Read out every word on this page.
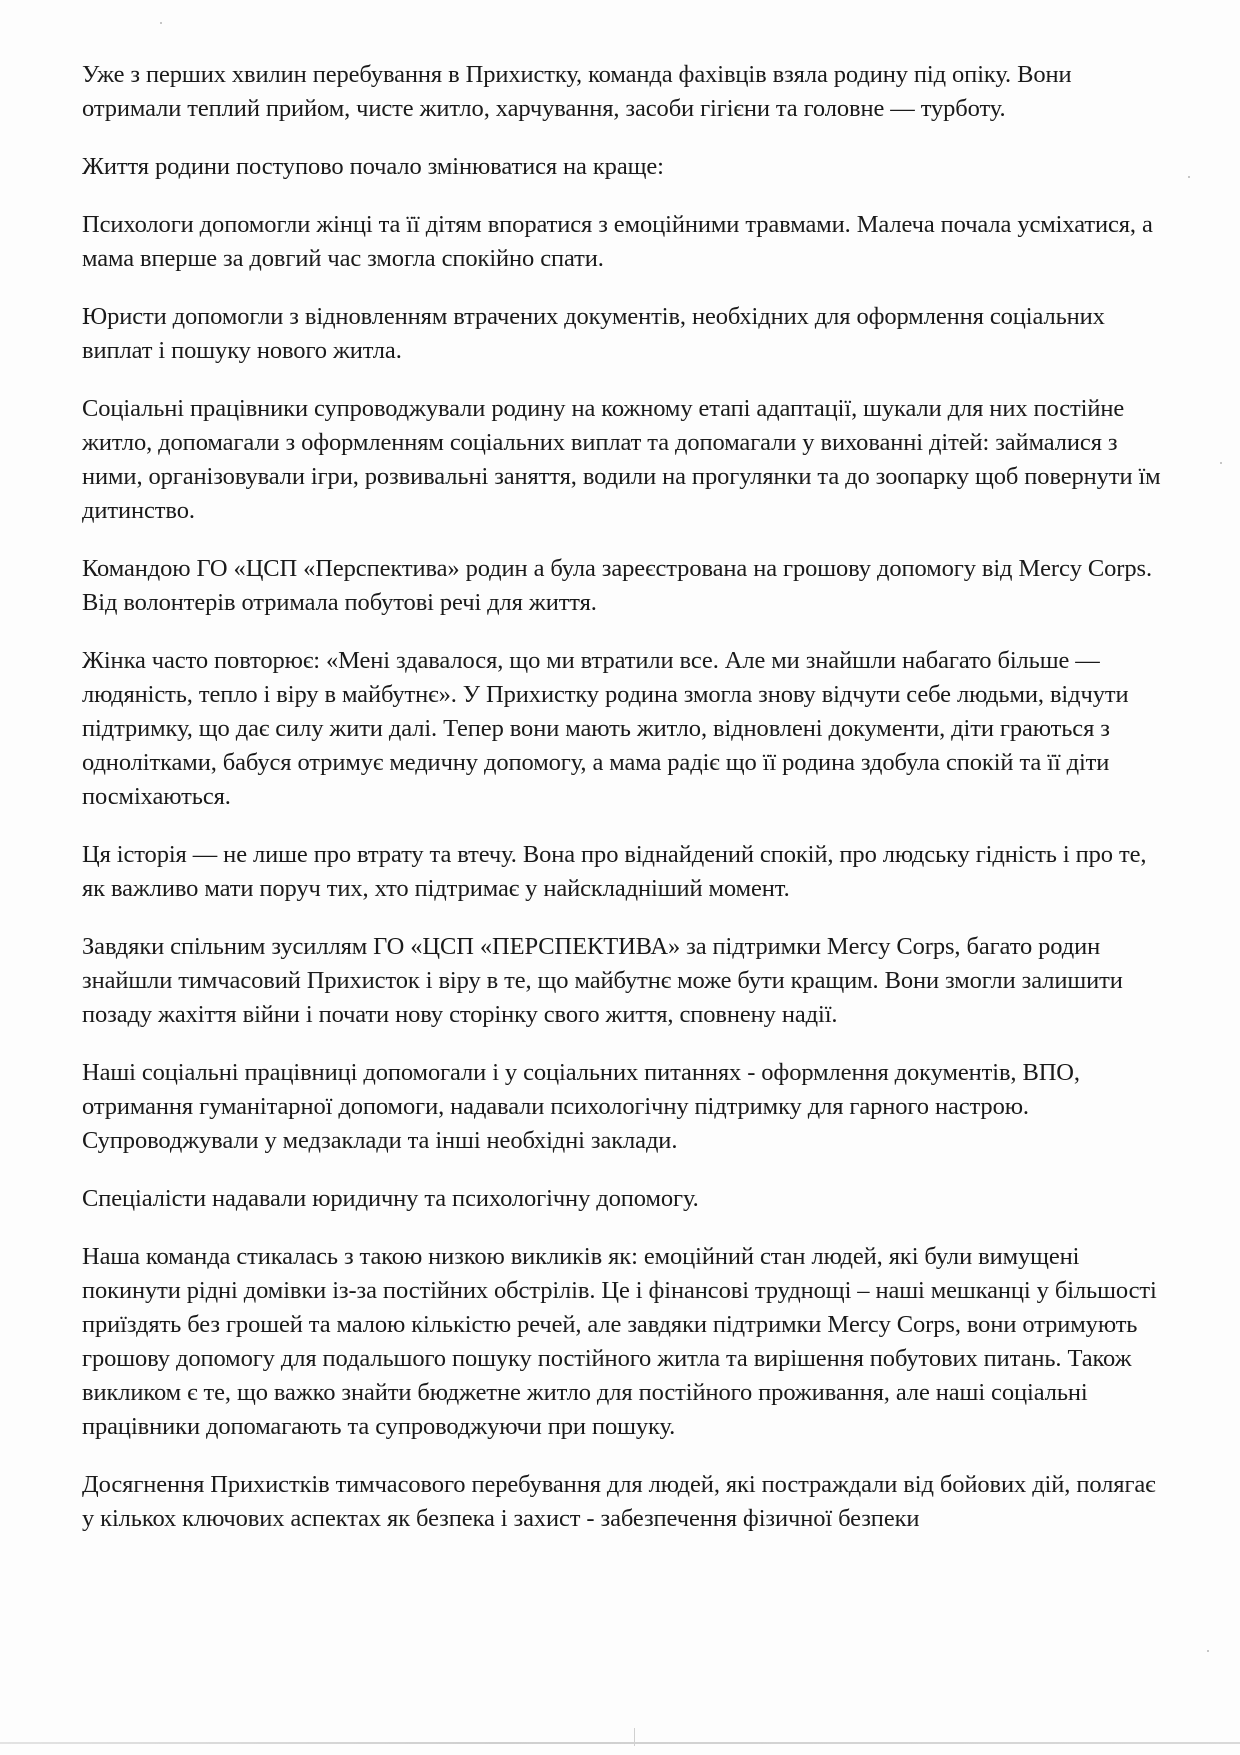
Уже з перших хвилин перебування в Прихистку, команда фахівців взяла родину під опіку. Вони отримали теплий прийом, чисте житло, харчування, засоби гігієни та головне — турботу.

Життя родини поступово почало змінюватися на краще:

Психологи допомогли жінці та її дітям впоратися з емоційними травмами. Малеча почала усміхатися, а мама вперше за довгий час змогла спокійно спати.

Юристи допомогли з відновленням втрачених документів, необхідних для оформлення соціальних виплат і пошуку нового житла.

Соціальні працівники супроводжували родину на кожному етапі адаптації, шукали для них постійне житло, допомагали з оформленням соціальних виплат та допомагали у вихованні дітей: займалися з ними, організовували ігри, розвивальні заняття, водили на прогулянки та до зоопарку щоб повернути їм дитинство.

Командою ГО «ЦСП «Перспектива» родин а була зареєстрована на грошову допомогу від Mercy Corps. Від волонтерів отримала побутові речі для життя.

Жінка часто повторює: «Мені здавалося, що ми втратили все. Але ми знайшли набагато більше — людяність, тепло і віру в майбутнє». У Прихистку родина змогла знову відчути себе людьми, відчути підтримку, що дає силу жити далі. Тепер вони мають житло, відновлені документи, діти граються з однолітками, бабуся отримує медичну допомогу, а мама радіє що її родина здобула спокій та її діти посміхаються.

Ця історія — не лише про втрату та втечу. Вона про віднайдений спокій, про людську гідність і про те, як важливо мати поруч тих, хто підтримає у найскладніший момент.

Завдяки спільним зусиллям ГО «ЦСП «ПЕРСПЕКТИВА» за підтримки Mercy Corps, багато родин знайшли тимчасовий Прихисток і віру в те, що майбутнє може бути кращим. Вони змогли залишити позаду жахіття війни і почати нову сторінку свого життя, сповнену надії.

Наші соціальні працівниці допомогали і у соціальних питаннях - оформлення документів, ВПО, отримання гуманітарної допомоги, надавали психологічну підтримку для гарного настрою. Супроводжували у медзаклади та інші необхідні заклади.

Спеціалісти надавали юридичну та психологічну допомогу.

Наша команда стикалась з такою низкою викликів як: емоційний стан людей, які були вимущені покинути рідні домівки із-за постійних обстрілів. Це і фінансові труднощі – наші мешканці у більшості приїздять без грошей та малою кількістю речей, але завдяки підтримки Mercy Corps, вони отримують грошову допомогу для подальшого пошуку постійного житла та вирішення побутових питань. Також викликом є те, що важко знайти бюджетне житло для постійного проживання, але наші соціальні працівники допомагають та супроводжуючи при пошуку.

Досягнення Прихистків тимчасового перебування для людей, які постраждали від бойових дій, полягає у кількох ключових аспектах як безпека і захист - забезпечення фізичної безпеки
